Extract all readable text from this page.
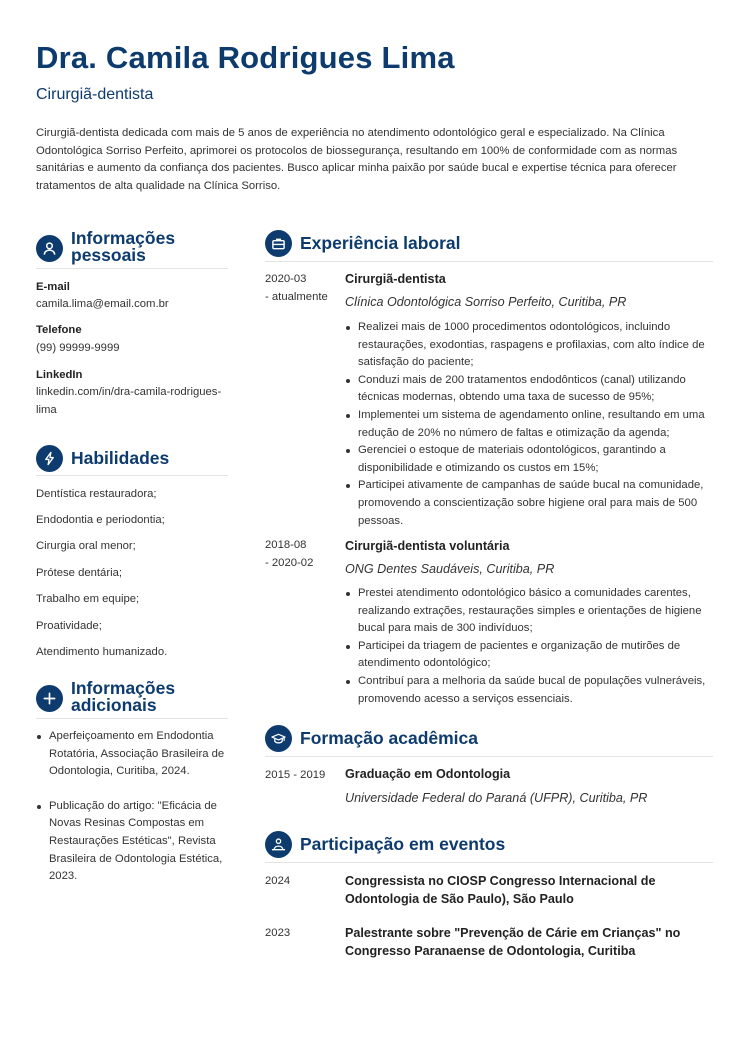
Dra. Camila Rodrigues Lima
Cirurgiã-dentista
Cirurgiã-dentista dedicada com mais de 5 anos de experiência no atendimento odontológico geral e especializado. Na Clínica Odontológica Sorriso Perfeito, aprimorei os protocolos de biossegurança, resultando em 100% de conformidade com as normas sanitárias e aumento da confiança dos pacientes. Busco aplicar minha paixão por saúde bucal e expertise técnica para oferecer tratamentos de alta qualidade na Clínica Sorriso.
Informações
pessoais
E-mail
camila.lima@email.com.br
Telefone
(99) 99999-9999
LinkedIn
linkedin.com/in/dra-camila-rodrigues-lima
Habilidades
Dentística restauradora;
Endodontia e periodontia;
Cirurgia oral menor;
Prótese dentária;
Trabalho em equipe;
Proatividade;
Atendimento humanizado.
Informações
adicionais
Aperfeiçoamento em Endodontia Rotatória, Associação Brasileira de Odontologia, Curitiba, 2024.
Publicação do artigo: "Eficácia de Novas Resinas Compostas em Restaurações Estéticas", Revista Brasileira de Odontologia Estética, 2023.
Experiência laboral
2020-03
- atualmente
Cirurgiã-dentista
Clínica Odontológica Sorriso Perfeito, Curitiba, PR
Realizei mais de 1000 procedimentos odontológicos, incluindo restaurações, exodontias, raspagens e profilaxias, com alto índice de satisfação do paciente;
Conduzi mais de 200 tratamentos endodônticos (canal) utilizando técnicas modernas, obtendo uma taxa de sucesso de 95%;
Implementei um sistema de agendamento online, resultando em uma redução de 20% no número de faltas e otimização da agenda;
Gerenciei o estoque de materiais odontológicos, garantindo a disponibilidade e otimizando os custos em 15%;
Participei ativamente de campanhas de saúde bucal na comunidade, promovendo a conscientização sobre higiene oral para mais de 500 pessoas.
2018-08
- 2020-02
Cirurgiã-dentista voluntária
ONG Dentes Saudáveis, Curitiba, PR
Prestei atendimento odontológico básico a comunidades carentes, realizando extrações, restaurações simples e orientações de higiene bucal para mais de 300 indivíduos;
Participei da triagem de pacientes e organização de mutirões de atendimento odontológico;
Contribuí para a melhoria da saúde bucal de populações vulneráveis, promovendo acesso a serviços essenciais.
Formação acadêmica
2015 - 2019	Graduação em Odontologia
Universidade Federal do Paraná (UFPR), Curitiba, PR
Participação em eventos
2024	Congressista no CIOSP Congresso Internacional de Odontologia de São Paulo), São Paulo
2023	Palestrante sobre "Prevenção de Cárie em Crianças" no Congresso Paranaense de Odontologia, Curitiba
